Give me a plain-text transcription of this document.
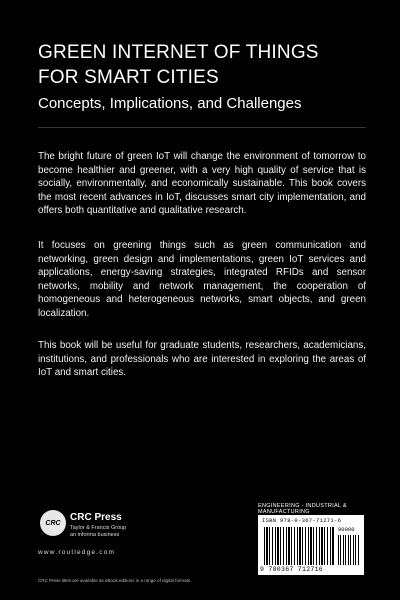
GREEN INTERNET OF THINGS
FOR SMART CITIES
Concepts, Implications, and Challenges

The bright future of green IoT will change the environment of tomorrow to become healthier and greener, with a very high quality of service that is socially, environmentally, and economically sustainable. This book covers the most recent advances in IoT, discusses smart city implementation, and offers both quantitative and qualitative research.

It focuses on greening things such as green communication and networking, green design and implementations, green IoT services and applications, energy-saving strategies, integrated RFIDs and sensor networks, mobility and network management, the cooperation of homogeneous and heterogeneous networks, smart objects, and green localization.

This book will be useful for graduate students, researchers, academicians, institutions, and professionals who are interested in exploring the areas of IoT and smart cities.

CRC CRC Press
Taylor & Francis Group
an informa business
www.routledge.com
CRC Press titles are available as eBook editions in a range of digital formats
ENGINEERING - INDUSTRIAL & MANUFACTURING
ISBN 978-0-367-71271-6
90000
9 780367 712716
